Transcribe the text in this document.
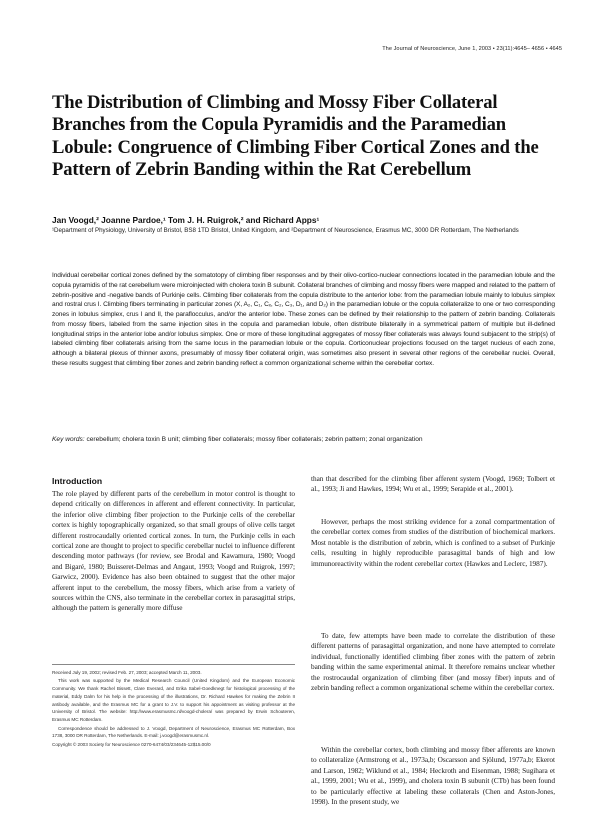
The Journal of Neuroscience, June 1, 2003 • 23(11):4645– 4656 • 4645
The Distribution of Climbing and Mossy Fiber Collateral Branches from the Copula Pyramidis and the Paramedian Lobule: Congruence of Climbing Fiber Cortical Zones and the Pattern of Zebrin Banding within the Rat Cerebellum
Jan Voogd,² Joanne Pardoe,¹ Tom J. H. Ruigrok,² and Richard Apps¹
¹Department of Physiology, University of Bristol, BS8 1TD Bristol, United Kingdom, and ²Department of Neuroscience, Erasmus MC, 3000 DR Rotterdam, The Netherlands
Individual cerebellar cortical zones defined by the somatotopy of climbing fiber responses and by their olivo-cortico-nuclear connections located in the paramedian lobule and the copula pyramidis of the rat cerebellum were microinjected with cholera toxin B subunit. Collateral branches of climbing and mossy fibers were mapped and related to the pattern of zebrin-positive and -negative bands of Purkinje cells. Climbing fiber collaterals from the copula distribute to the anterior lobe: from the paramedian lobule mainly to lobulus simplex and rostral crus I. Climbing fibers terminating in particular zones (X, A₂, C₁, Cₓ, C₂, C₃, D₁, and D₂) in the paramedian lobule or the copula collateralize to one or two corresponding zones in lobulus simplex, crus I and II, the paraflocculus, and/or the anterior lobe. These zones can be defined by their relationship to the pattern of zebrin banding. Collaterals from mossy fibers, labeled from the same injection sites in the copula and paramedian lobule, often distribute bilaterally in a symmetrical pattern of multiple but ill-defined longitudinal strips in the anterior lobe and/or lobulus simplex. One or more of these longitudinal aggregates of mossy fiber collaterals was always found subjacent to the strip(s) of labeled climbing fiber collaterals arising from the same locus in the paramedian lobule or the copula. Corticonuclear projections focused on the target nucleus of each zone, although a bilateral plexus of thinner axons, presumably of mossy fiber collateral origin, was sometimes also present in several other regions of the cerebellar nuclei. Overall, these results suggest that climbing fiber zones and zebrin banding reflect a common organizational scheme within the cerebellar cortex.
Key words: cerebellum; cholera toxin B unit; climbing fiber collaterals; mossy fiber collaterals; zebrin pattern; zonal organization
Introduction

The role played by different parts of the cerebellum in motor control is thought to depend critically on differences in afferent and efferent connectivity. In particular, the inferior olive climbing fiber projection to the Purkinje cells of the cerebellar cortex is highly topographically organized, so that small groups of olive cells target different rostrocaudally oriented cortical zones. In turn, the Purkinje cells in each cortical zone are thought to project to specific cerebellar nuclei to influence different descending motor pathways (for review, see Brodal and Kawamura, 1980; Voogd and Bigaré, 1980; Buisseret-Delmas and Angaut, 1993; Voogd and Ruigrok, 1997; Garwicz, 2000). Evidence has also been obtained to suggest that the other major afferent input to the cerebellum, the mossy fibers, which arise from a variety of sources within the CNS, also terminate in the cerebellar cortex in parasagittal strips, although the pattern is generally more diffuse

Received July 19, 2002; revised Feb. 27, 2003; accepted March 11, 2003.

This work was supported by the Medical Research Council (United Kingdom) and the European Economic Community. We thank Rachel Bissett, Clare Everard, and Erika Sabel-Goedknegt for histological processing of the material, Eddy Dalm for his help in the processing of the illustrations, Dr. Richard Hawkes for making the Zebrin II antibody available, and the Erasmus MC for a grant to J.V. to support his appointment as visiting professor at the University of Bristol. The website: http://www.erasmusmc.nl/voogd-cholera/ was prepared by Erwin Schouteren, Erasmus MC Rotterdam.

Correspondence should be addressed to J. Voogd, Department of Neuroscience, Erasmus MC Rotterdam, Box 1738, 3000 DR Rotterdam, The Netherlands. E-mail: j.voogd@erasmusmc.nl.

Copyright © 2003 Society for Neuroscience 0270-6474/03/234645-12$15.00/0

than that described for the climbing fiber afferent system (Voogd, 1969; Tolbert et al., 1993; Ji and Hawkes, 1994; Wu et al., 1999; Serapide et al., 2001).

However, perhaps the most striking evidence for a zonal compartmentation of the cerebellar cortex comes from studies of the distribution of biochemical markers. Most notable is the distribution of zebrin, which is confined to a subset of Purkinje cells, resulting in highly reproducible parasagittal bands of high and low immunoreactivity within the rodent cerebellar cortex (Hawkes and Leclerc, 1987).

To date, few attempts have been made to correlate the distribution of these different patterns of parasagittal organization, and none have attempted to correlate individual, functionally identified climbing fiber zones with the pattern of zebrin banding within the same experimental animal. It therefore remains unclear whether the rostrocaudal organization of climbing fiber (and mossy fiber) inputs and of zebrin banding reflect a common organizational scheme within the cerebellar cortex.

Within the cerebellar cortex, both climbing and mossy fiber afferents are known to collateralize (Armstrong et al., 1973a,b; Oscarsson and Sjölund, 1977a,b; Ekerot and Larson, 1982; Wiklund et al., 1984; Heckroth and Eisenman, 1988; Sugihara et al., 1999, 2001; Wu et al., 1999), and cholera toxin B subunit (CTb) has been found to be particularly effective at labeling these collaterals (Chen and Aston-Jones, 1998). In the present study, we
